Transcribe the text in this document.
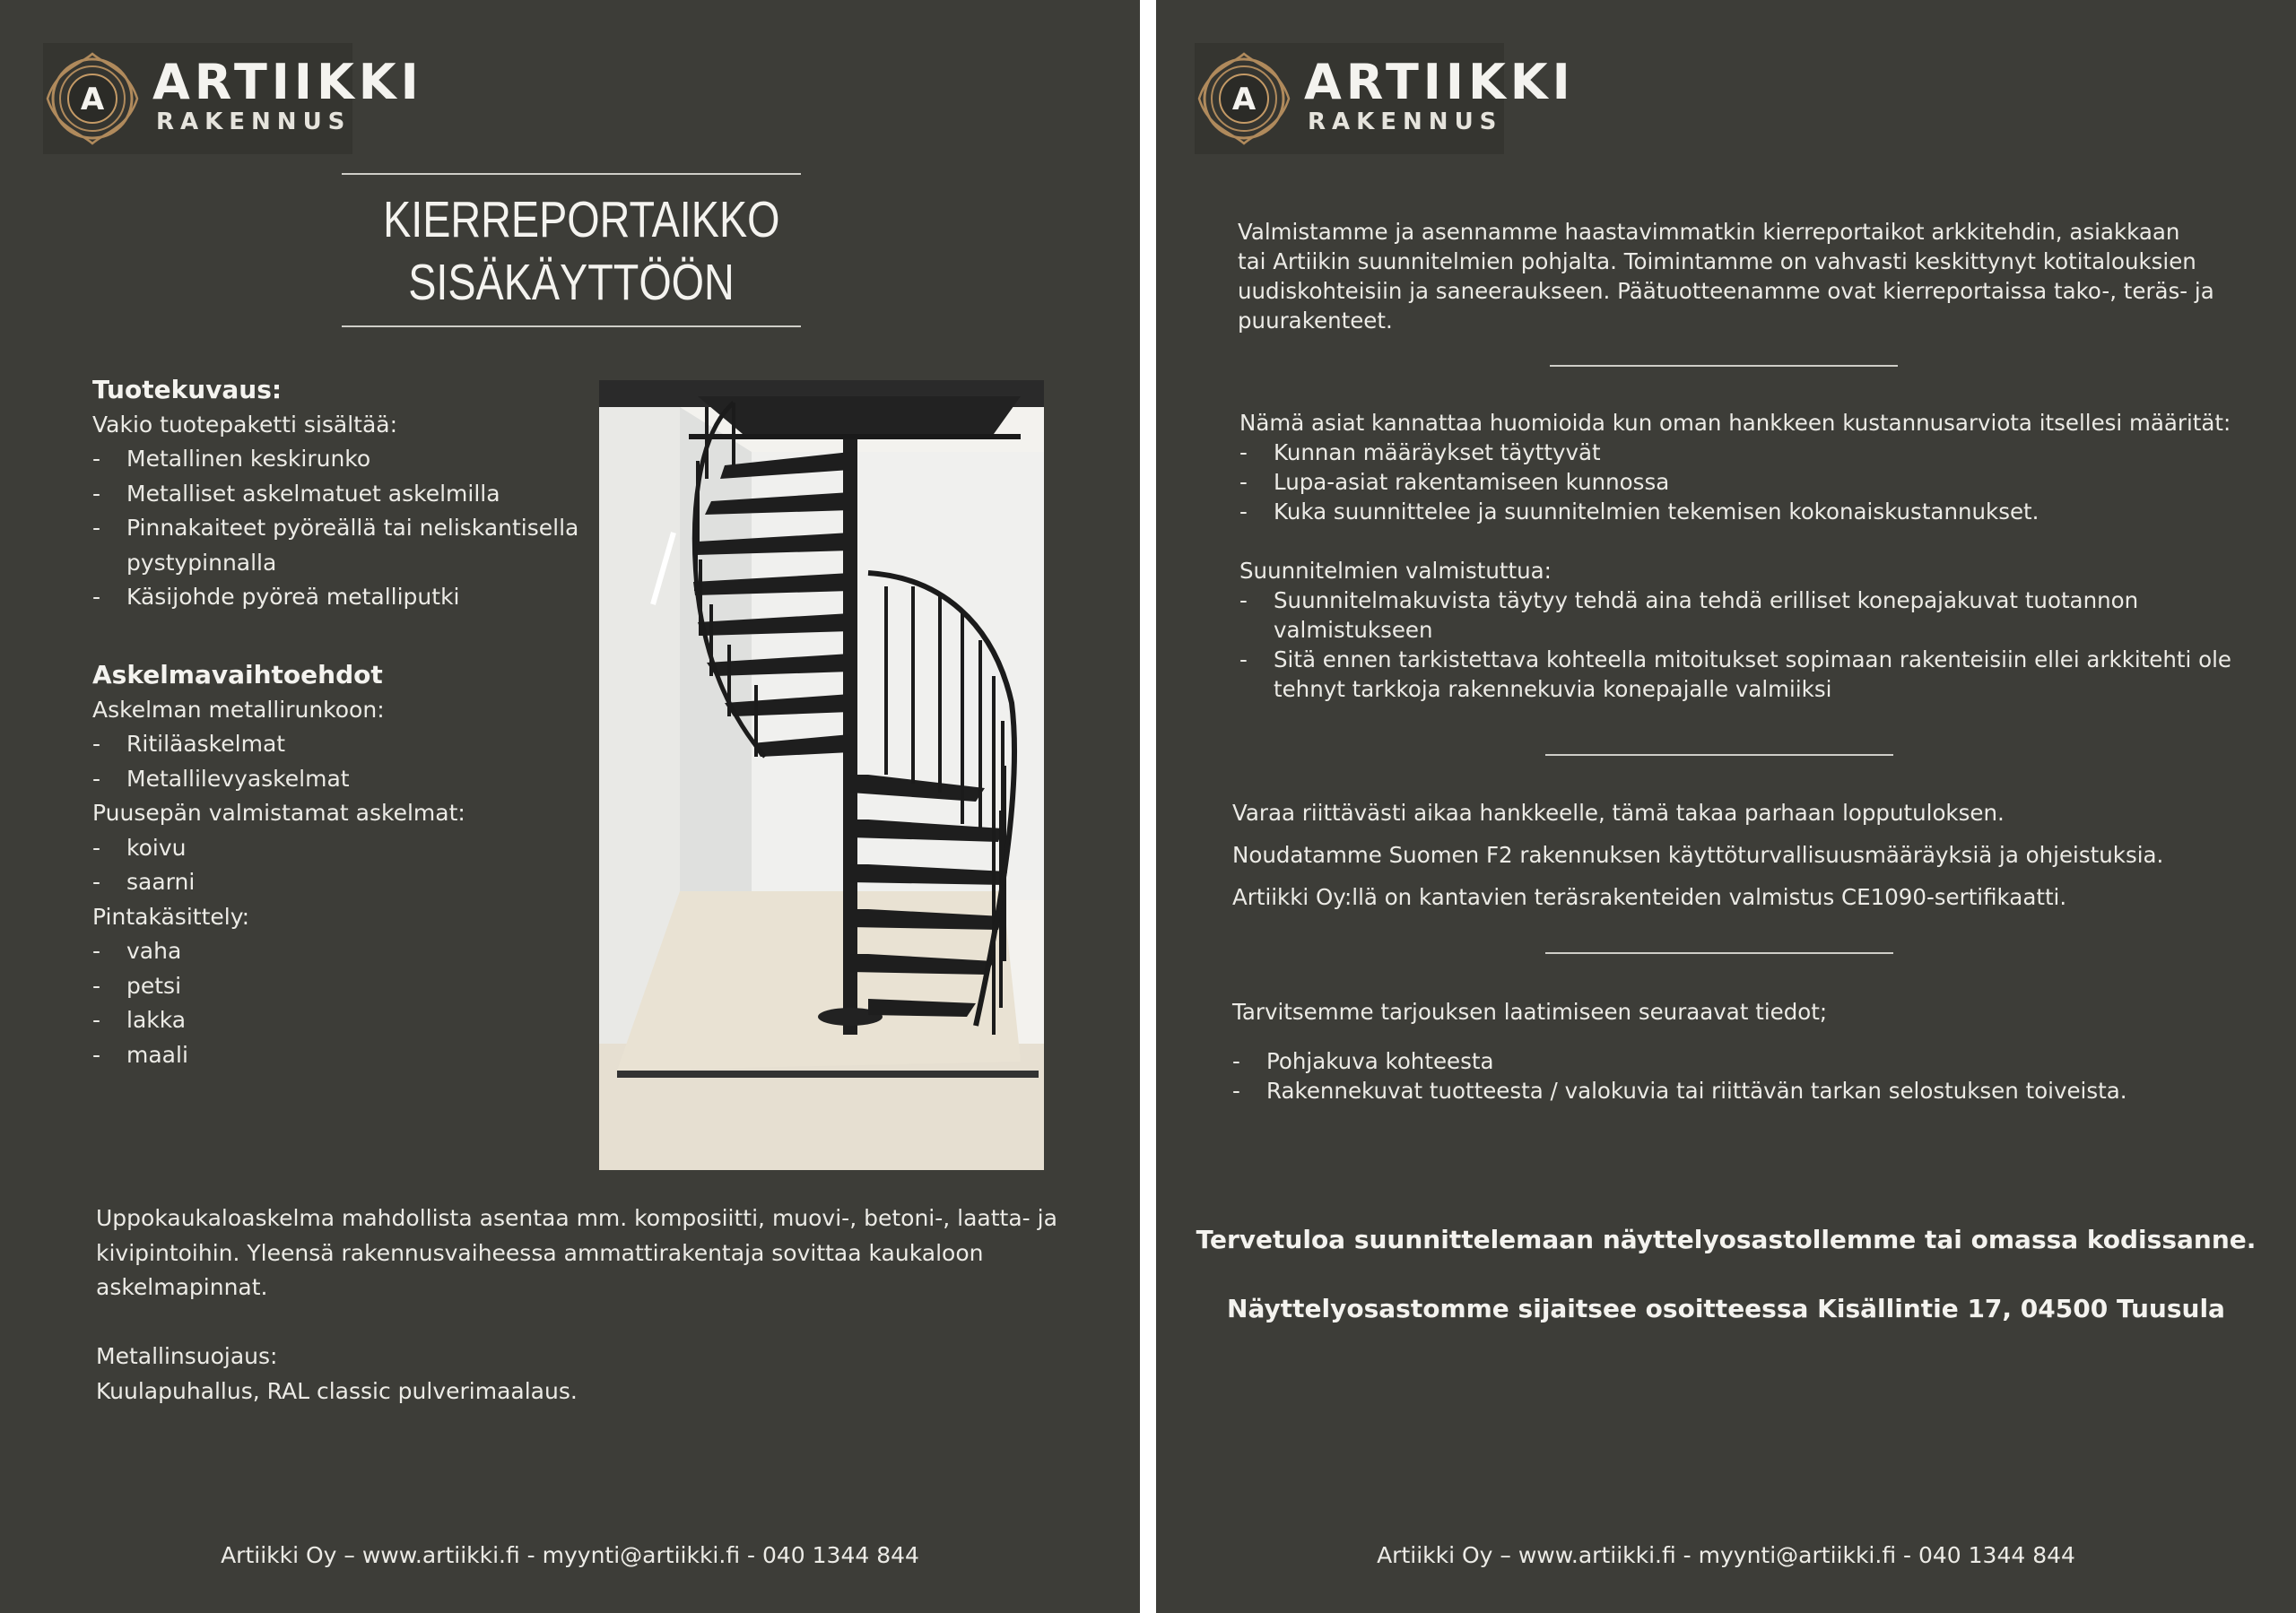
A ARTIIKKI
RAKENNUS
KIERREPORTAIKKO
SISÄKÄYTTÖÖN
Tuotekuvaus:
Vakio tuotepaketti sisältää:
- Metallinen keskirunko
- Metalliset askelmatuet askelmilla
- Pinnakaiteet pyöreällä tai neliskantisella
pystypinnalla
- Käsijohde pyöreä metalliputki
Askelmavaihtoehdot
Askelman metallirunkoon:
- Ritiläaskelmat
- Metallilevyaskelmat
Puusepän valmistamat askelmat:
- koivu
- saarni
Pintakäsittely:
- vaha
- petsi
- lakka
- maali
Uppokaukaloaskelma mahdollista asentaa mm. komposiitti, muovi-, betoni-, laatta- ja
kivipintoihin. Yleensä rakennusvaiheessa ammattirakentaja sovittaa kaukaloon
askelmapinnat.
Metallinsuojaus:
Kuulapuhallus, RAL classic pulverimaalaus.
Artiikki Oy – www.artiikki.fi - myynti@artiikki.fi - 040 1344 844
A ARTIIKKI
RAKENNUS
Valmistamme ja asennamme haastavimmatkin kierreportaikot arkkitehdin, asiakkaan
tai Artiikin suunnitelmien pohjalta. Toimintamme on vahvasti keskittynyt kotitalouksien
uudiskohteisiin ja saneeraukseen. Päätuotteenamme ovat kierreportaissa tako-, teräs- ja
puurakenteet.
Nämä asiat kannattaa huomioida kun oman hankkeen kustannusarviota itsellesi määrität:
- Kunnan määräykset täyttyvät
- Lupa-asiat rakentamiseen kunnossa
- Kuka suunnittelee ja suunnitelmien tekemisen kokonaiskustannukset.
Suunnitelmien valmistuttua:
- Suunnitelmakuvista täytyy tehdä aina tehdä erilliset konepajakuvat tuotannon
valmistukseen
- Sitä ennen tarkistettava kohteella mitoitukset sopimaan rakenteisiin ellei arkkitehti ole
tehnyt tarkkoja rakennekuvia konepajalle valmiiksi
Varaa riittävästi aikaa hankkeelle, tämä takaa parhaan lopputuloksen.
Noudatamme Suomen F2 rakennuksen käyttöturvallisuusmääräyksiä ja ohjeistuksia.
Artiikki Oy:llä on kantavien teräsrakenteiden valmistus CE1090-sertifikaatti.
Tarvitsemme tarjouksen laatimiseen seuraavat tiedot;
- Pohjakuva kohteesta
- Rakennekuvat tuotteesta / valokuvia tai riittävän tarkan selostuksen toiveista.
Tervetuloa suunnittelemaan näyttelyosastollemme tai omassa kodissanne.
Näyttelyosastomme sijaitsee osoitteessa Kisällintie 17, 04500 Tuusula
Artiikki Oy – www.artiikki.fi - myynti@artiikki.fi - 040 1344 844
